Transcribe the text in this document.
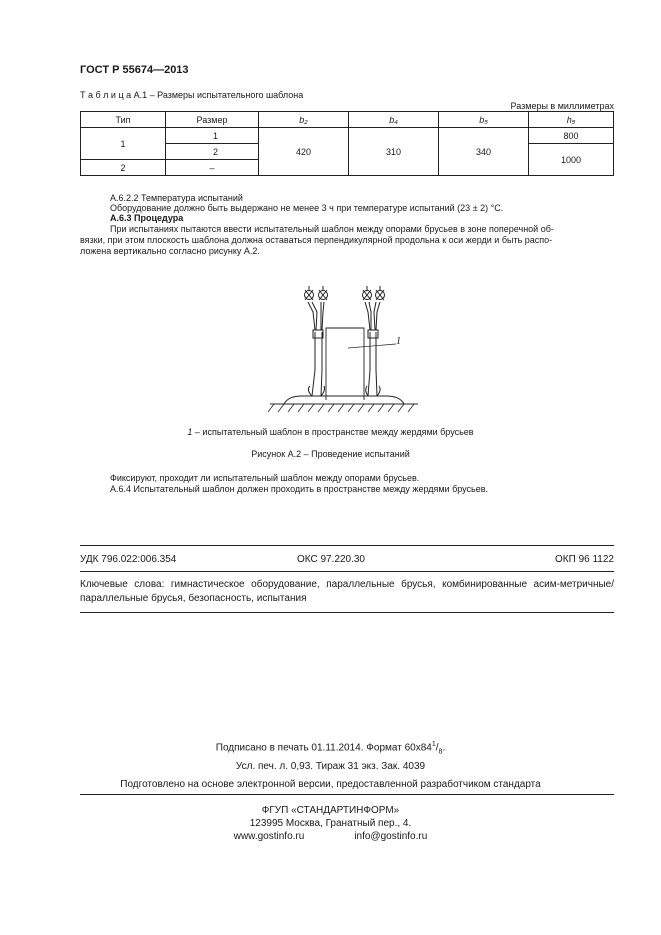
ГОСТ Р 55674—2013
Т а б л и ц а А.1 – Размеры испытательного шаблона
Размеры в миллиметрах
Тип	Размер	b₂	b₄	b₅	h₅
1	1	420	310	340	800
	2				1000
2	–				
А.6.2.2 Температура испытаний
Оборудование должно быть выдержано не менее 3 ч при температуре испытаний (23 ± 2) °С.
А.6.3 Процедура
При испытаниях пытаются ввести испытательный шаблон между опорами брусьев в зоне поперечной об-
вязки, при этом плоскость шаблона должна оставаться перпендикулярной продольна к оси жерди и быть распо-
ложена вертикально согласно рисунку А.2.
1
1 – испытательный шаблон в пространстве между жердями брусьев
Рисунок А.2 – Проведение испытаний
Фиксируют, проходит ли испытательный шаблон между опорами брусьев.
А.6.4 Испытательный шаблон должен проходить в пространстве между жердями брусьев.
УДК 796.022:006.354	ОКС 97.220.30	ОКП 96 1122
Ключевые слова: гимнастическое оборудование, параллельные брусья, комбинированные асим-метричные/параллельные брусья, безопасность, испытания
Подписано в печать 01.11.2014. Формат $60х84^1/_8$.
Усл. печ. л. 0,93. Тираж 31 экз. Зак. 4039
Подготовлено на основе электронной версии, предоставленной разработчиком стандарта
ФГУП «СТАНДАРТИНФОРМ»
123995 Москва, Гранатный пер., 4.
www.gostinfo.ru	info@gostinfo.ru
